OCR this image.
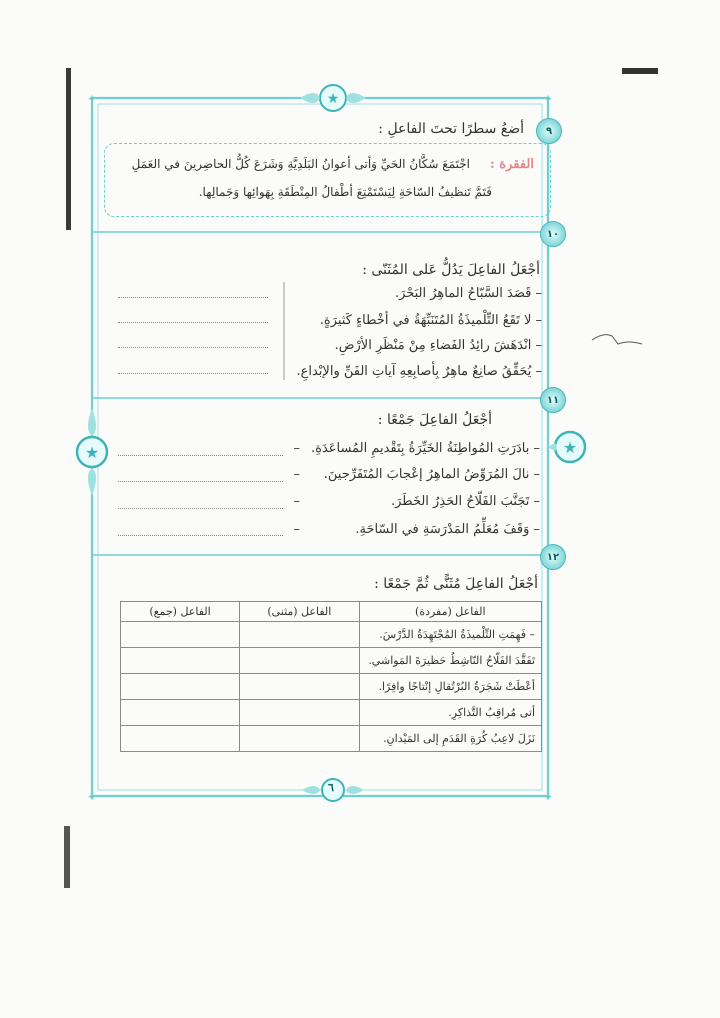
★
★	★
✦	✦
✦	✦
٩
أضعُ سطرًا تحتَ الفاعلِ :
الفقرة :
اجْتَمَعَ سُكَّانُ الحَيِّ وَأتى أعوانُ البَلَدِيَّةِ وَشَرَعَ كُلُّ الحاضِرينَ في العَمَلِ
فَتَمَّ تَنظيفُ السّاحَةِ لِيَسْتَمْتِعَ أطْفالُ المِنْطَقَةِ بِهَوائِها وَجَمالِها.
١٠
أجْعَلُ الفاعِلَ يَدُلُّ عَلى المُثَنّى :
– قَصَدَ السَّبّاحُ الماهِرُ البَحْرَ.
– لا تَقَعُ التِّلْميذَةُ المُتَنَبِّهَةُ في أخْطاءٍ كَثيرَةٍ.
– انْدَهَشَ رائِدُ الفَضاءِ مِنْ مَنْظَرِ الأرْضِ.
– يُحَقِّقُ صانِعٌ ماهِرٌ بِأصابِعِهِ آياتِ الفَنِّ والإبْداعِ.
١١
أجْعَلُ الفاعِلَ جَمْعًا :
– بادَرَتِ المُواطِنَةُ الخَيِّرَةُ بِتَقْديمِ المُساعَدَةِ.
–
– نالَ المُرَوِّضُ الماهِرُ إعْجابَ المُتَفَرِّجينَ.
–
– تَجَنَّبَ الفَلّاحُ الحَذِرُ الخَطَرَ.
–
– وَقَفَ مُعَلِّمُ المَدْرَسَةِ في السّاحَةِ.
–
١٢
أجْعَلُ الفاعِلَ مُثَنًّى ثُمَّ جَمْعًا :
الفاعل (مفردة)	الفاعل (مثنى)	الفاعل (جمع)
– فَهِمَتِ التِّلْميذَةُ المُجْتَهِدَةُ الدَّرْسَ.		
تَفَقَّدَ الفَلّاحُ النّاشِطُ حَظيرَةَ المَواشي.		
أعْطَتْ شَجَرَةُ البُرْتُقالِ إنْتاجًا وافِرًا.		
أتى مُراقِبُ التَّذاكِرِ.		
نَزَلَ لاعِبُ كُرَةِ القَدَمِ إلى المَيْدانِ.		
٦
